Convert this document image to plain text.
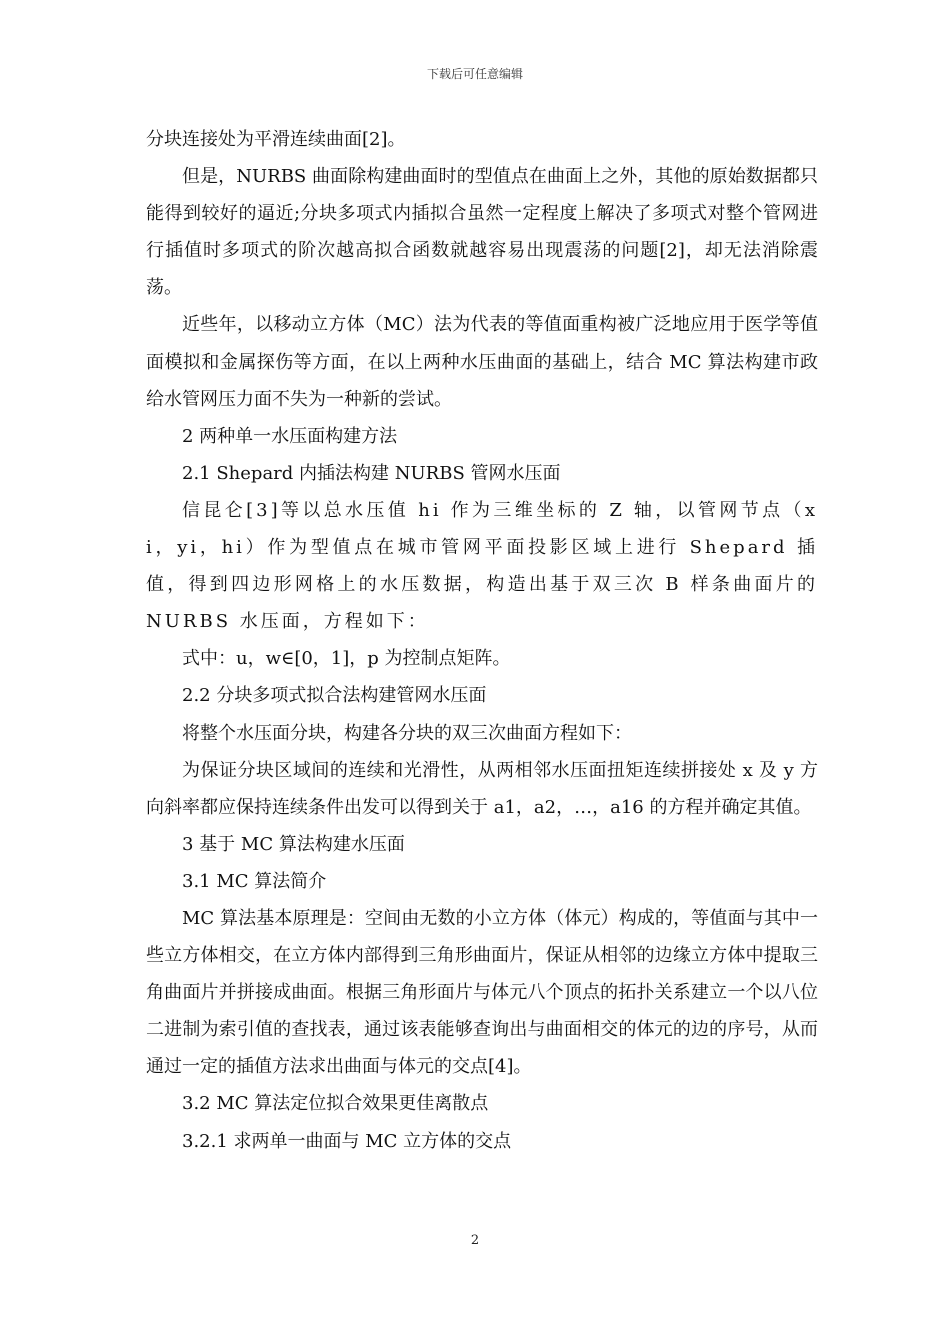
下载后可任意编辑

分块连接处为平滑连续曲面[2]。

但是，NURBS 曲面除构建曲面时的型值点在曲面上之外，其他的原始数据都只能得到较好的逼近;分块多项式内插拟合虽然一定程度上解决了多项式对整个管网进行插值时多项式的阶次越高拟合函数就越容易出现震荡的问题[2]，却无法消除震荡。

近些年，以移动立方体（MC）法为代表的等值面重构被广泛地应用于医学等值面模拟和金属探伤等方面，在以上两种水压曲面的基础上，结合 MC 算法构建市政给水管网压力面不失为一种新的尝试。

2 两种单一水压面构建方法

2.1 Shepard 内插法构建 NURBS 管网水压面

信昆仑[3]等以总水压值 hi 作为三维坐标的 Z 轴，以管网节点（xi，yi，hi）作为型值点在城市管网平面投影区域上进行 Shepard 插值，得到四边形网格上的水压数据，构造出基于双三次 B 样条曲面片的 NURBS 水压面，方程如下：

式中：u，w∈[0，1]，p 为控制点矩阵。

2.2 分块多项式拟合法构建管网水压面

将整个水压面分块，构建各分块的双三次曲面方程如下：

为保证分块区域间的连续和光滑性，从两相邻水压面扭矩连续拼接处 x 及 y 方向斜率都应保持连续条件出发可以得到关于 a1，a2，…，a16 的方程并确定其值。

3 基于 MC 算法构建水压面

3.1 MC 算法简介

MC 算法基本原理是：空间由无数的小立方体（体元）构成的，等值面与其中一些立方体相交，在立方体内部得到三角形曲面片，保证从相邻的边缘立方体中提取三角曲面片并拼接成曲面。根据三角形面片与体元八个顶点的拓扑关系建立一个以八位二进制为索引值的查找表，通过该表能够查询出与曲面相交的体元的边的序号，从而通过一定的插值方法求出曲面与体元的交点[4]。

3.2 MC 算法定位拟合效果更佳离散点

3.2.1 求两单一曲面与 MC 立方体的交点

2
